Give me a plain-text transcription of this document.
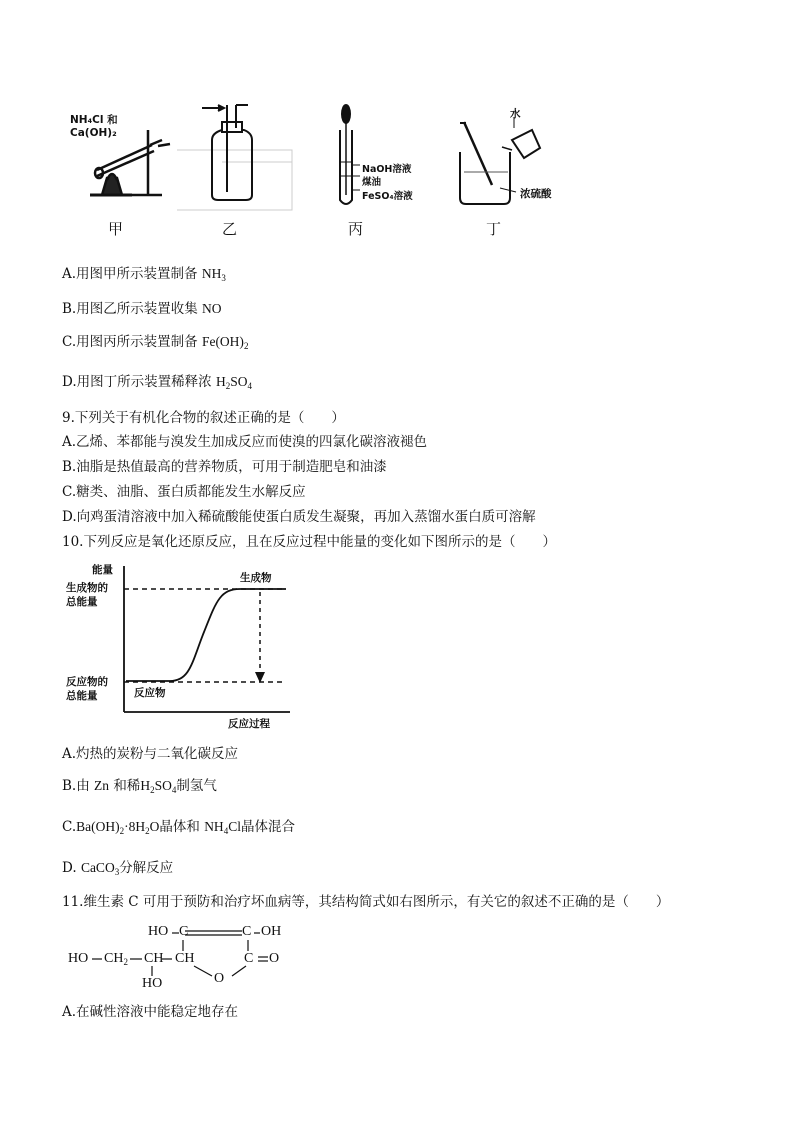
NH₄Cl 和
Ca(OH)₂
NaOH溶液
煤油
FeSO₄溶液
水
浓硫酸
甲	乙	丙	丁
A.用图甲所示装置制备 $NH_3$
B.用图乙所示装置收集 NO
C.用图丙所示装置制备 $Fe(OH)_2$
D.用图丁所示装置稀释浓 $H_2SO_4$
9.下列关于有机化合物的叙述正确的是（　　）
A.乙烯、苯都能与溴发生加成反应而使溴的四氯化碳溶液褪色
B.油脂是热值最高的营养物质，可用于制造肥皂和油漆
C.糖类、油脂、蛋白质都能发生水解反应
D.向鸡蛋清溶液中加入稀硫酸能使蛋白质发生凝聚，再加入蒸馏水蛋白质可溶解
10.下列反应是氧化还原反应，且在反应过程中能量的变化如下图所示的是（　　）
能量
生成物的
总能量
反应物的
总能量
生成物
反应物
反应过程
A.灼热的炭粉与二氧化碳反应
B.由 Zn 和稀$H_2SO_4$制氢气
$C.Ba(OH)_2\cdot 8H_2O$晶体和 $NH_4Cl$晶体混合
D. CaCO$_3$分解反应
11.维生素 C 可用于预防和治疗坏血病等，其结构简式如右图所示，有关它的叙述不正确的是（　　）
HO C	C OH
HO $CH_2$ CH CH	C O
O
HO
A.在碱性溶液中能稳定地存在
